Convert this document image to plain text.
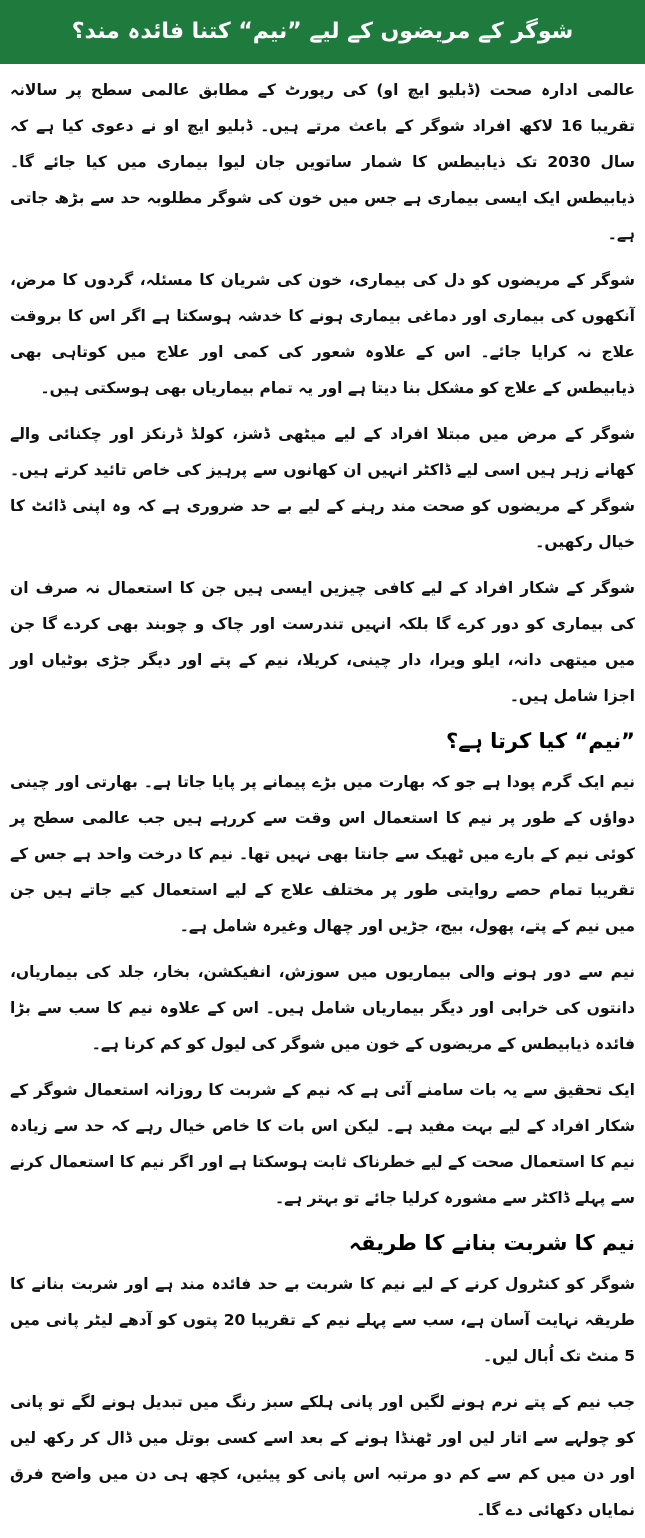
شوگر کے مریضوں کے لیے ”نیم“ کتنا فائدہ مند؟

عالمی ادارہ صحت (ڈبلیو ایچ او) کی رپورٹ کے مطابق عالمی سطح پر سالانہ تقریبا 16 لاکھ افراد شوگر کے باعث مرتے ہیں۔ ڈبلیو ایچ او نے دعوی کیا ہے کہ سال 2030 تک ذیابیطس کا شمار ساتویں جان لیوا بیماری میں کیا جائے گا۔ ذیابیطس ایک ایسی بیماری ہے جس میں خون کی شوگر مطلوبہ حد سے بڑھ جاتی ہے۔

شوگر کے مریضوں کو دل کی بیماری، خون کی شریان کا مسئلہ، گردوں کا مرض، آنکھوں کی بیماری اور دماغی بیماری ہونے کا خدشہ ہوسکتا ہے اگر اس کا بروقت علاج نہ کرایا جائے۔ اس کے علاوہ شعور کی کمی اور علاج میں کوتاہی بھی ذیابیطس کے علاج کو مشکل بنا دیتا ہے اور یہ تمام بیماریاں بھی ہوسکتی ہیں۔

شوگر کے مرض میں مبتلا افراد کے لیے میٹھی ڈشز، کولڈ ڈرنکز اور چکنائی والے کھانے زہر ہیں اسی لیے ڈاکٹر انہیں ان کھانوں سے پرہیز کی خاص تائید کرتے ہیں۔ شوگر کے مریضوں کو صحت مند رہنے کے لیے بے حد ضروری ہے کہ وہ اپنی ڈائٹ کا خیال رکھیں۔

شوگر کے شکار افراد کے لیے کافی چیزیں ایسی ہیں جن کا استعمال نہ صرف ان کی بیماری کو دور کرے گا بلکہ انہیں تندرست اور چاک و چوبند بھی کردے گا جن میں میتھی دانہ، ایلو ویرا، دار چینی، کریلا، نیم کے پتے اور دیگر جڑی بوٹیاں اور اجزا شامل ہیں۔

”نیم“ کیا کرتا ہے؟

نیم ایک گرم پودا ہے جو کہ بھارت میں بڑے پیمانے پر پایا جاتا ہے۔ بھارتی اور چینی دواؤں کے طور پر نیم کا استعمال اس وقت سے کررہے ہیں جب عالمی سطح پر کوئی نیم کے بارے میں ٹھیک سے جانتا بھی نہیں تھا۔ نیم کا درخت واحد ہے جس کے تقریبا تمام حصے روایتی طور پر مختلف علاج کے لیے استعمال کیے جاتے ہیں جن میں نیم کے پتے، پھول، بیج، جڑیں اور چھال وغیرہ شامل ہے۔

نیم سے دور ہونے والی بیماریوں میں سوزش، انفیکشن، بخار، جلد کی بیماریاں، دانتوں کی خرابی اور دیگر بیماریاں شامل ہیں۔ اس کے علاوہ نیم کا سب سے بڑا فائدہ ذیابیطس کے مریضوں کے خون میں شوگر کی لیول کو کم کرنا ہے۔

ایک تحقیق سے یہ بات سامنے آئی ہے کہ نیم کے شربت کا روزانہ استعمال شوگر کے شکار افراد کے لیے بہت مفید ہے۔ لیکن اس بات کا خاص خیال رہے کہ حد سے زیادہ نیم کا استعمال صحت کے لیے خطرناک ثابت ہوسکتا ہے اور اگر نیم کا استعمال کرنے سے پہلے ڈاکٹر سے مشورہ کرلیا جائے تو بہتر ہے۔

نیم کا شربت بنانے کا طریقہ

شوگر کو کنٹرول کرنے کے لیے نیم کا شربت بے حد فائدہ مند ہے اور شربت بنانے کا طریقہ نہایت آسان ہے، سب سے پہلے نیم کے تقریبا 20 پتوں کو آدھے لیٹر پانی میں 5 منٹ تک اُبال لیں۔

جب نیم کے پتے نرم ہونے لگیں اور پانی ہلکے سبز رنگ میں تبدیل ہونے لگے تو پانی کو چولہے سے اتار لیں اور ٹھنڈا ہونے کے بعد اسے کسی بوتل میں ڈال کر رکھ لیں اور دن میں کم سے کم دو مرتبہ اس پانی کو پیئیں، کچھ ہی دن میں واضح فرق نمایاں دکھائی دے گا۔
